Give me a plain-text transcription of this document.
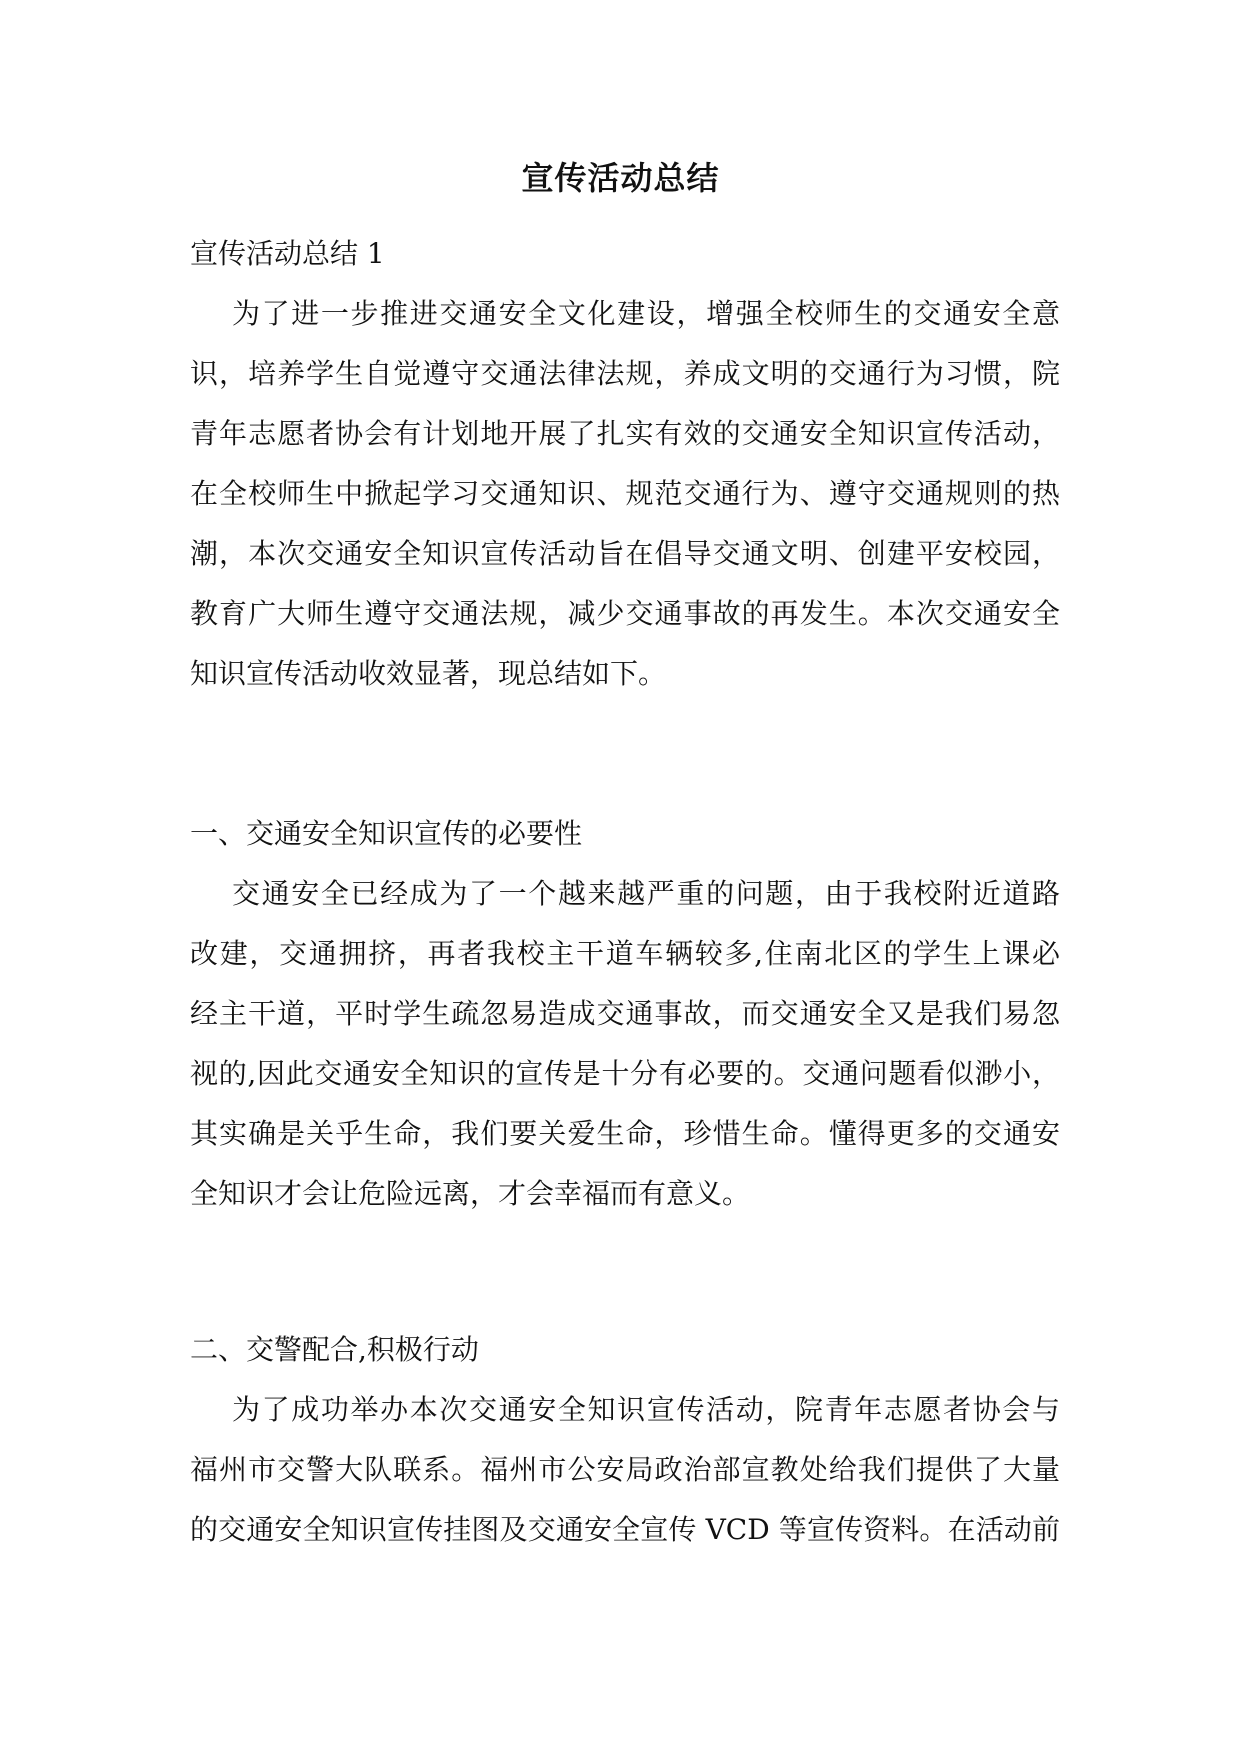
宣传活动总结
宣传活动总结 1
为了进一步推进交通安全文化建设，增强全校师生的交通安全意
识，培养学生自觉遵守交通法律法规，养成文明的交通行为习惯，院
青年志愿者协会有计划地开展了扎实有效的交通安全知识宣传活动，
在全校师生中掀起学习交通知识、规范交通行为、遵守交通规则的热
潮，本次交通安全知识宣传活动旨在倡导交通文明、创建平安校园，
教育广大师生遵守交通法规，减少交通事故的再发生。本次交通安全
知识宣传活动收效显著，现总结如下。
一、交通安全知识宣传的必要性
交通安全已经成为了一个越来越严重的问题，由于我校附近道路
改建，交通拥挤，再者我校主干道车辆较多,住南北区的学生上课必
经主干道，平时学生疏忽易造成交通事故，而交通安全又是我们易忽
视的,因此交通安全知识的宣传是十分有必要的。交通问题看似渺小，
其实确是关乎生命，我们要关爱生命，珍惜生命。懂得更多的交通安
全知识才会让危险远离，才会幸福而有意义。
二、交警配合,积极行动
为了成功举办本次交通安全知识宣传活动，院青年志愿者协会与
福州市交警大队联系。福州市公安局政治部宣教处给我们提供了大量
的交通安全知识宣传挂图及交通安全宣传 VCD 等宣传资料。在活动前
